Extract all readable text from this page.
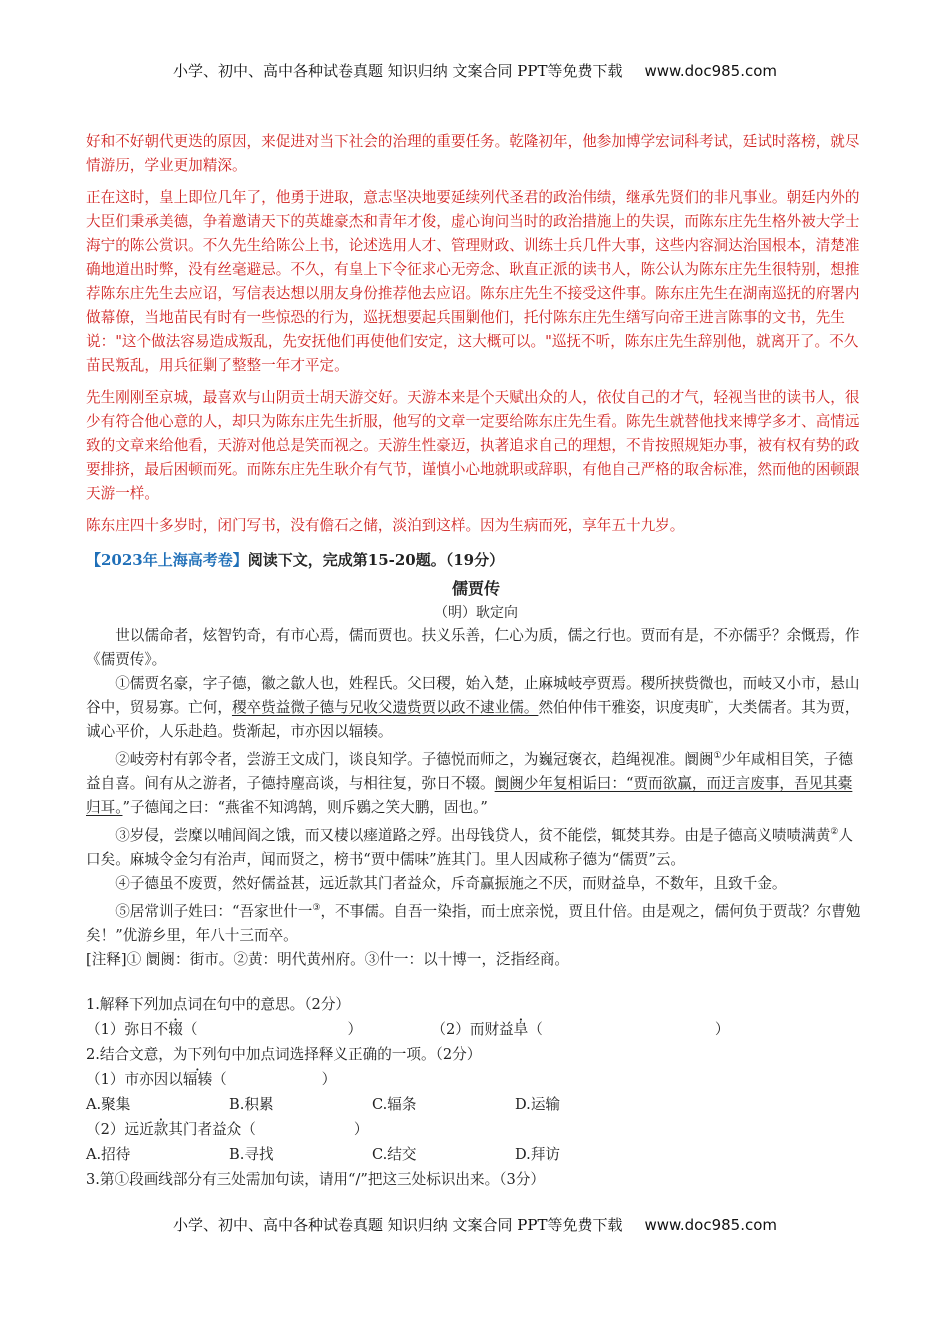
小学、初中、高中各种试卷真题 知识归纳 文案合同 PPT等免费下载 www.doc985.com

好和不好朝代更迭的原因，来促进对当下社会的治理的重要任务。乾隆初年，他参加博学宏词科考试，廷试时落榜，就尽情游历，学业更加精深。

正在这时，皇上即位几年了，他勇于进取，意志坚决地要延续列代圣君的政治伟绩，继承先贤们的非凡事业。朝廷内外的大臣们秉承美德，争着邀请天下的英雄豪杰和青年才俊，虚心询问当时的政治措施上的失误，而陈东庄先生格外被大学士海宁的陈公赏识。不久先生给陈公上书，论述选用人才、管理财政、训练士兵几件大事，这些内容洞达治国根本，清楚准确地道出时弊，没有丝毫避忌。不久，有皇上下令征求心无旁念、耿直正派的读书人，陈公认为陈东庄先生很特别，想推荐陈东庄先生去应诏，写信表达想以朋友身份推荐他去应诏。陈东庄先生不接受这件事。陈东庄先生在湖南巡抚的府署内做幕僚，当地苗民有时有一些惊恐的行为，巡抚想要起兵围剿他们，托付陈东庄先生缮写向帝王进言陈事的文书，先生说："这个做法容易造成叛乱，先安抚他们再使他们安定，这大概可以。"巡抚不听，陈东庄先生辞别他，就离开了。不久苗民叛乱，用兵征剿了整整一年才平定。

先生刚刚至京城，最喜欢与山阴贡士胡天游交好。天游本来是个天赋出众的人，依仗自己的才气，轻视当世的读书人，很少有符合他心意的人，却只为陈东庄先生折服，他写的文章一定要给陈东庄先生看。陈先生就替他找来博学多才、高情远致的文章来给他看，天游对他总是笑而视之。天游生性豪迈，执著追求自己的理想，不肯按照规矩办事，被有权有势的政要排挤，最后困顿而死。而陈东庄先生耿介有气节，谨慎小心地就职或辞职，有他自己严格的取舍标准，然而他的困顿跟天游一样。

陈东庄四十多岁时，闭门写书，没有儋石之储，淡泊到这样。因为生病而死，享年五十九岁。

【2023年上海高考卷】阅读下文，完成第15-20题。（19分）
儒贾传
（明）耿定向

世以儒命者，炫智钓奇，有市心焉，儒而贾也。扶义乐善，仁心为质，儒之行也。贾而有是，不亦儒乎？余慨焉，作《儒贾传》。

①儒贾名豪，字子德，徽之歙人也，姓程氏。父曰稷，始入楚，止麻城岐亭贾焉。稷所挟赀微也，而岐又小市，悬山谷中，贸易寡。亡何，稷卒赀益微子德与兄收父遗赀贾以政不逮业儒。然伯仲伟干雅姿，识度夷旷，大类儒者。其为贾，诚心平价，人乐赴趋。赀渐起，市亦因以辐辏。

②岐旁村有郭令者，尝游王文成门，谈良知学。子德悦而师之，为巍冠褒衣，趋绳视准。阛阓①少年咸相目笑，子德益自喜。间有从之游者，子德持麈高谈，与相往复，弥日不辍。阛阓少年复相诟曰：“贾而欲赢，而迂言废事，吾见其橐归耳。”子德闻之曰：“燕雀不知鸿鹄，则斥鷃之笑大鹏，固也。”

③岁侵，尝糜以哺闾阎之饿，而又棲以瘗道路之殍。出母钱贷人，贫不能偿，辄焚其券。由是子德高义啧啧满黄②人口矣。麻城令金匀有治声，闻而贤之，榜书“贾中儒味”旌其门。里人因咸称子德为“儒贾”云。

④子德虽不废贾，然好儒益甚，远近款其门者益众，斥奇赢振施之不厌，而财益阜，不数年，且致千金。

⑤居常训子姓曰：“吾家世什一③，不事儒。自吾一染指，而士庶亲悦，贾且什倍。由是观之，儒何负于贾哉？尔曹勉矣！”优游乡里，年八十三而卒。

[注释]① 阛阓：街市。②黄：明代黄州府。③什一：以十博一，泛指经商。

1.解释下列加点词在句中的意思。（2分）

（1）弥日不辍（	）	（2）而财益阜（	）

2.结合文意，为下列句中加点词选择释义正确的一项。（2分）

（1）市亦因以辐辏（	）

A.聚集	B.积累	C.辐条	D.运输

（2）远近款其门者益众（	）

A.招待	B.寻找	C.结交	D.拜访

3.第①段画线部分有三处需加句读，请用“/”把这三处标识出来。（3分）

小学、初中、高中各种试卷真题 知识归纳 文案合同 PPT等免费下载 www.doc985.com
